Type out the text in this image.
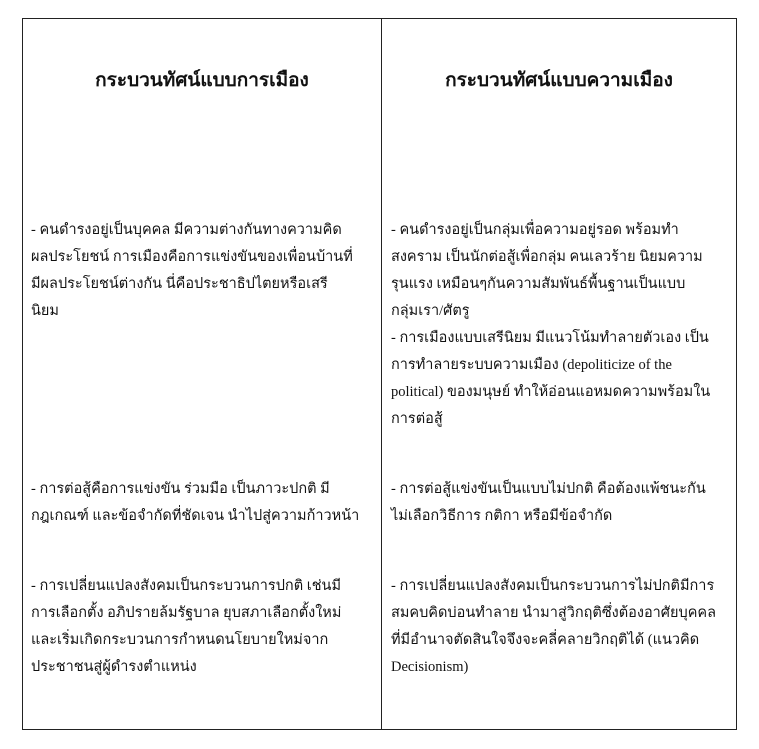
กระบวนทัศน์แบบการเมือง	กระบวนทัศน์แบบความเมือง

- คนดำรงอยู่เป็นบุคคล มีความต่างกันทางความคิด

ผลประโยชน์ การเมืองคือการแข่งขันของเพื่อนบ้านที่

มีผลประโยชน์ต่างกัน นี่คือประชาธิปไตยหรือเสรี

นิยม

- คนดำรงอยู่เป็นกลุ่มเพื่อความอยู่รอด พร้อมทำ

สงคราม เป็นนักต่อสู้เพื่อกลุ่ม คนเลวร้าย นิยมความ

รุนแรง เหมือนๆกันความสัมพันธ์พื้นฐานเป็นแบบ

กลุ่มเรา/ศัตรู

- การเมืองแบบเสรีนิยม มีแนวโน้มทำลายตัวเอง เป็น

การทำลายระบบความเมือง (depoliticize of the

political) ของมนุษย์ ทำให้อ่อนแอหมดความพร้อมใน

การต่อสู้

- การต่อสู้คือการแข่งขัน ร่วมมือ เป็นภาวะปกติ มี

กฎเกณฑ์ และข้อจำกัดที่ชัดเจน นำไปสู่ความก้าวหน้า

- การต่อสู้แข่งขันเป็นแบบไม่ปกติ คือต้องแพ้ชนะกัน

ไม่เลือกวิธีการ กติกา หรือมีข้อจำกัด

- การเปลี่ยนแปลงสังคมเป็นกระบวนการปกติ เช่นมี

การเลือกตั้ง อภิปรายล้มรัฐบาล ยุบสภาเลือกตั้งใหม่

และเริ่มเกิดกระบวนการกำหนดนโยบายใหม่จาก

ประชาชนสู่ผู้ดำรงตำแหน่ง

- การเปลี่ยนแปลงสังคมเป็นกระบวนการไม่ปกติมีการ

สมคบคิดบ่อนทำลาย นำมาสู่วิกฤติซึ่งต้องอาศัยบุคคล

ที่มีอำนาจตัดสินใจจึงจะคลี่คลายวิกฤติได้ (แนวคิด

Decisionism)
